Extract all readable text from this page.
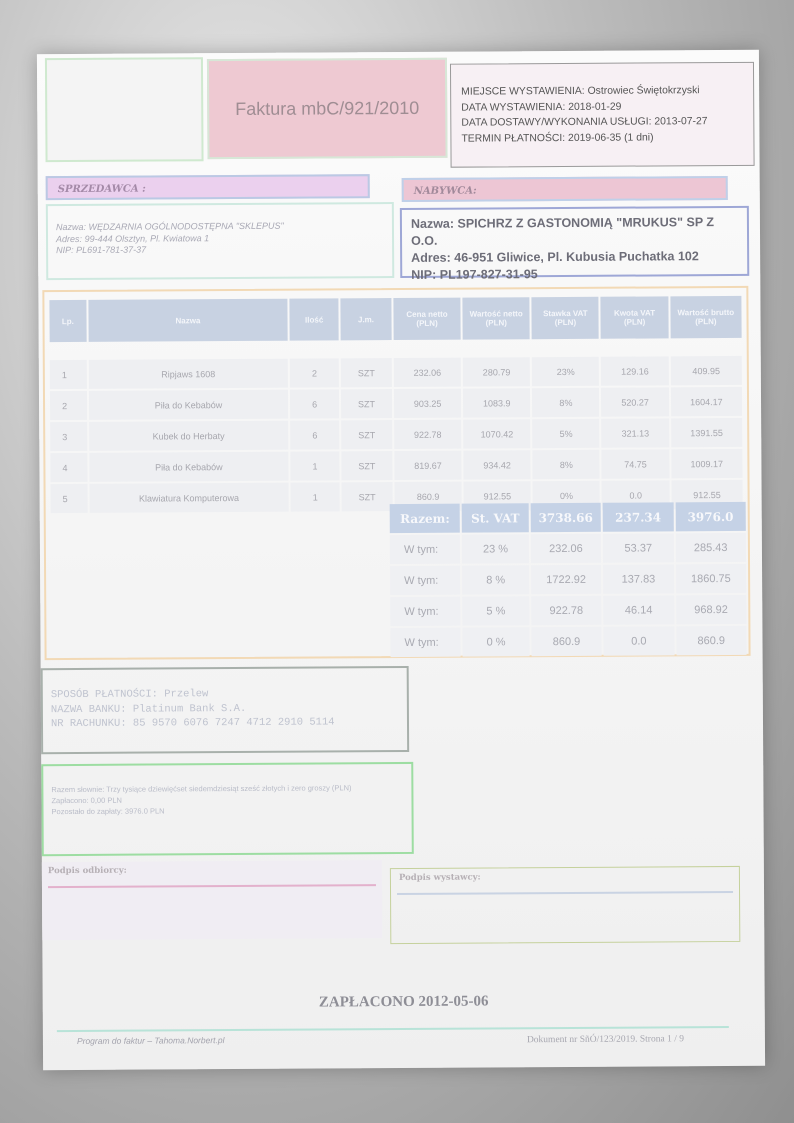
Faktura mbC/921/2010
MIEJSCE WYSTAWIENIA: Ostrowiec Świętokrzyski
DATA WYSTAWIENIA: 2018-01-29
DATA DOSTAWY/WYKONANIA USŁUGI: 2013-07-27
TERMIN PŁATNOŚCI: 2019-06-35 (1 dni)
SPRZEDAWCA :	NABYWCA:
Nazwa: WĘDZARNIA OGÓLNODOSTĘPNA "SKLEPUS"
Adres: 99-444 Olsztyn, Pl. Kwiatowa 1
NIP: PL691-781-37-37
Nazwa: SPICHRZ Z GASTONOMIĄ "MRUKUS" SP Z O.O.
Adres: 46-951 Gliwice, Pl. Kubusia Puchatka 102
NIP: PL197-827-31-95
Lp.	Nazwa	Ilość	J.m.	Cena netto (PLN)	Wartość netto (PLN)	Stawka VAT (PLN)	Kwota VAT (PLN)	Wartość brutto (PLN)

1	Ripjaws 1608	2	SZT	232.06	280.79	23%	129.16	409.95
2	Piła do Kebabów	6	SZT	903.25	1083.9	8%	520.27	1604.17
3	Kubek do Herbaty	6	SZT	922.78	1070.42	5%	321.13	1391.55
4	Piła do Kebabów	1	SZT	819.67	934.42	8%	74.75	1009.17
5	Klawiatura Komputerowa	1	SZT	860.9	912.55	0%	0.0	912.55
Razem:	St. VAT	3738.66	237.34	3976.0
W tym:	23 %	232.06	53.37	285.43
W tym:	8 %	1722.92	137.83	1860.75
W tym:	5 %	922.78	46.14	968.92
W tym:	0 %	860.9	0.0	860.9
SPOSÓB PŁATNOŚCI: Przelew
NAZWA BANKU: Platinum Bank S.A.
NR RACHUNKU: 85 9570 6076 7247 4712 2910 5114
Razem słownie: Trzy tysiące dziewięćset siedemdziesiąt sześć złotych i zero groszy (PLN)
Zapłacono: 0,00 PLN
Pozostało do zapłaty: 3976.0 PLN
Podpis odbiorcy:
Podpis wystawcy:
ZAPŁACONO 2012-05-06
Program do faktur – Tahoma.Norbert.pl	Dokument nr SñÓ/123/2019. Strona 1 / 9
